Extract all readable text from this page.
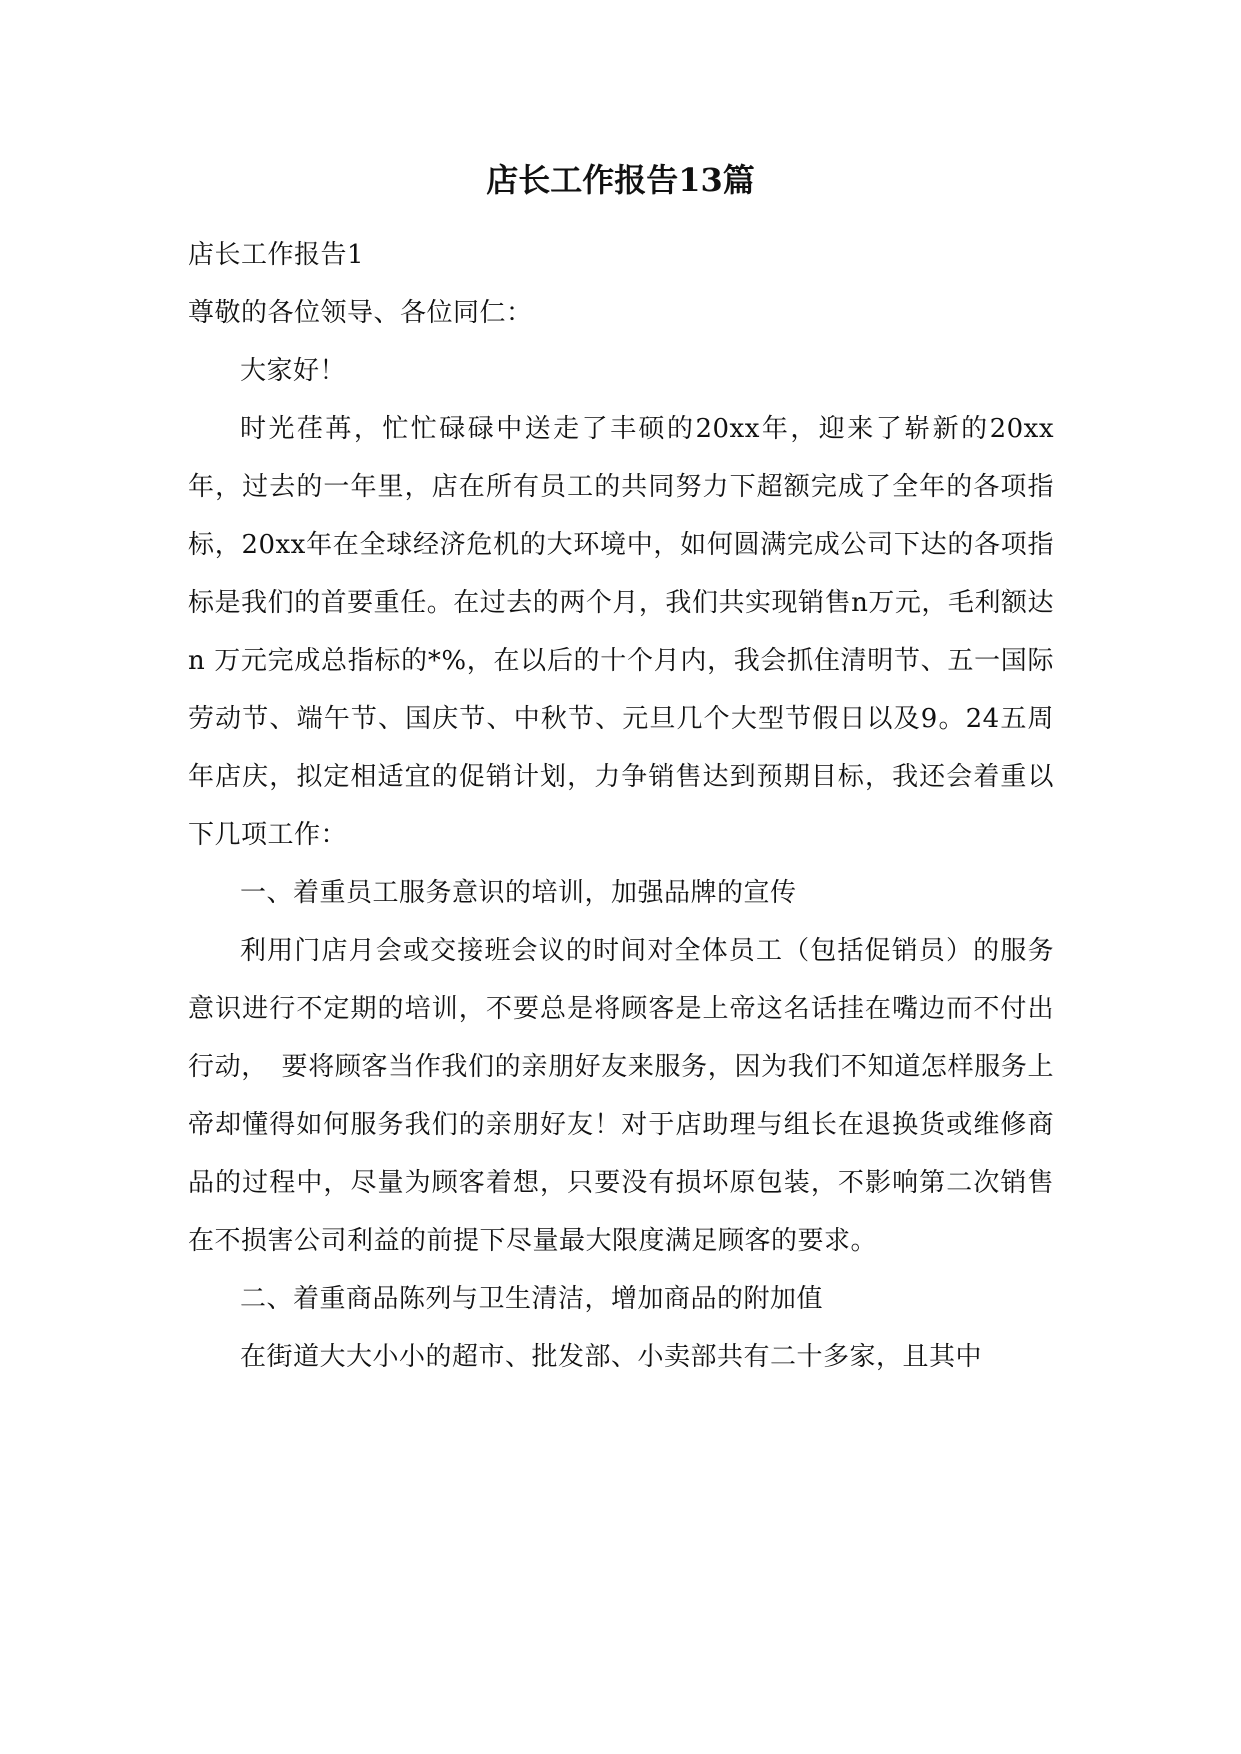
店长工作报告13篇

店长工作报告1

尊敬的各位领导、各位同仁：

大家好！

时光荏苒，忙忙碌碌中送走了丰硕的20xx年，迎来了崭新的20xx年，过去的一年里，店在所有员工的共同努力下超额完成了全年的各项指标，20xx年在全球经济危机的大环境中，如何圆满完成公司下达的各项指标是我们的首要重任。在过去的两个月，我们共实现销售n万元，毛利额达n 万元完成总指标的*%，在以后的十个月内，我会抓住清明节、五一国际劳动节、端午节、国庆节、中秋节、元旦几个大型节假日以及9。24五周年店庆，拟定相适宜的促销计划，力争销售达到预期目标，我还会着重以下几项工作：

一、着重员工服务意识的培训，加强品牌的宣传

利用门店月会或交接班会议的时间对全体员工（包括促销员）的服务意识进行不定期的培训，不要总是将顾客是上帝这名话挂在嘴边而不付出行动，　要将顾客当作我们的亲朋好友来服务，因为我们不知道怎样服务上帝却懂得如何服务我们的亲朋好友！对于店助理与组长在退换货或维修商品的过程中，尽量为顾客着想，只要没有损坏原包装，不影响第二次销售在不损害公司利益的前提下尽量最大限度满足顾客的要求。

二、着重商品陈列与卫生清洁，增加商品的附加值

在街道大大小小的超市、批发部、小卖部共有二十多家，且其中
